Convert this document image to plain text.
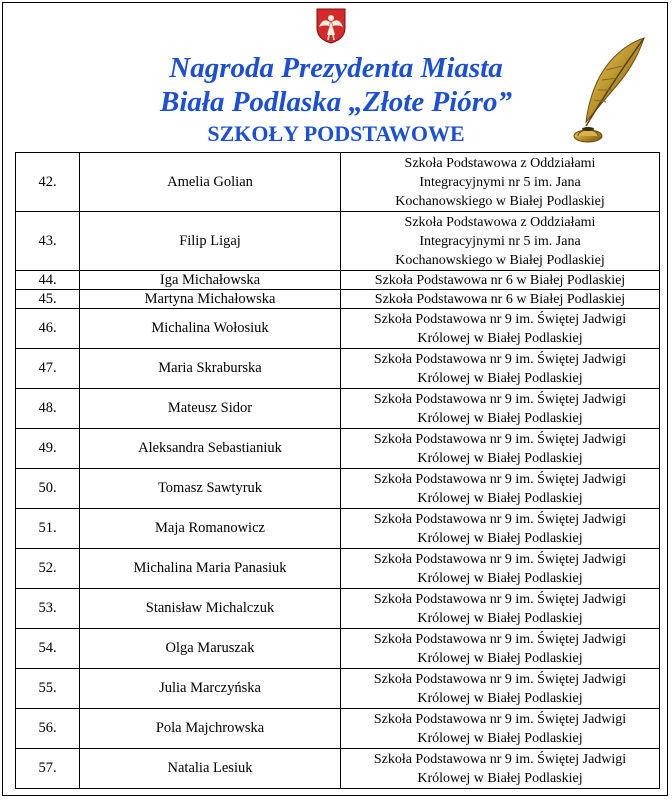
Nagroda Prezydenta Miasta
Biała Podlaska „Złote Pióro”
SZKOŁY PODSTAWOWE
42.	Amelia Golian	Szkoła Podstawowa z Oddziałami
Integracyjnymi nr 5 im. Jana
Kochanowskiego w Białej Podlaskiej

43.	Filip Ligaj	Szkoła Podstawowa z Oddziałami
Integracyjnymi nr 5 im. Jana
Kochanowskiego w Białej Podlaskiej

44.	Iga Michałowska	Szkoła Podstawowa nr 6 w Białej Podlaskiej

45.	Martyna Michałowska	Szkoła Podstawowa nr 6 w Białej Podlaskiej

46.	Michalina Wołosiuk	Szkoła Podstawowa nr 9 im. Świętej Jadwigi
Królowej w Białej Podlaskiej

47.	Maria Skraburska	Szkoła Podstawowa nr 9 im. Świętej Jadwigi
Królowej w Białej Podlaskiej

48.	Mateusz Sidor	Szkoła Podstawowa nr 9 im. Świętej Jadwigi
Królowej w Białej Podlaskiej

49.	Aleksandra Sebastianiuk	Szkoła Podstawowa nr 9 im. Świętej Jadwigi
Królowej w Białej Podlaskiej

50.	Tomasz Sawtyruk	Szkoła Podstawowa nr 9 im. Świętej Jadwigi
Królowej w Białej Podlaskiej

51.	Maja Romanowicz	Szkoła Podstawowa nr 9 im. Świętej Jadwigi
Królowej w Białej Podlaskiej

52.	Michalina Maria Panasiuk	Szkoła Podstawowa nr 9 im. Świętej Jadwigi
Królowej w Białej Podlaskiej

53.	Stanisław Michalczuk	Szkoła Podstawowa nr 9 im. Świętej Jadwigi
Królowej w Białej Podlaskiej

54.	Olga Maruszak	Szkoła Podstawowa nr 9 im. Świętej Jadwigi
Królowej w Białej Podlaskiej

55.	Julia Marczyńska	Szkoła Podstawowa nr 9 im. Świętej Jadwigi
Królowej w Białej Podlaskiej

56.	Pola Majchrowska	Szkoła Podstawowa nr 9 im. Świętej Jadwigi
Królowej w Białej Podlaskiej

57.	Natalia Lesiuk	Szkoła Podstawowa nr 9 im. Świętej Jadwigi
Królowej w Białej Podlaskiej
